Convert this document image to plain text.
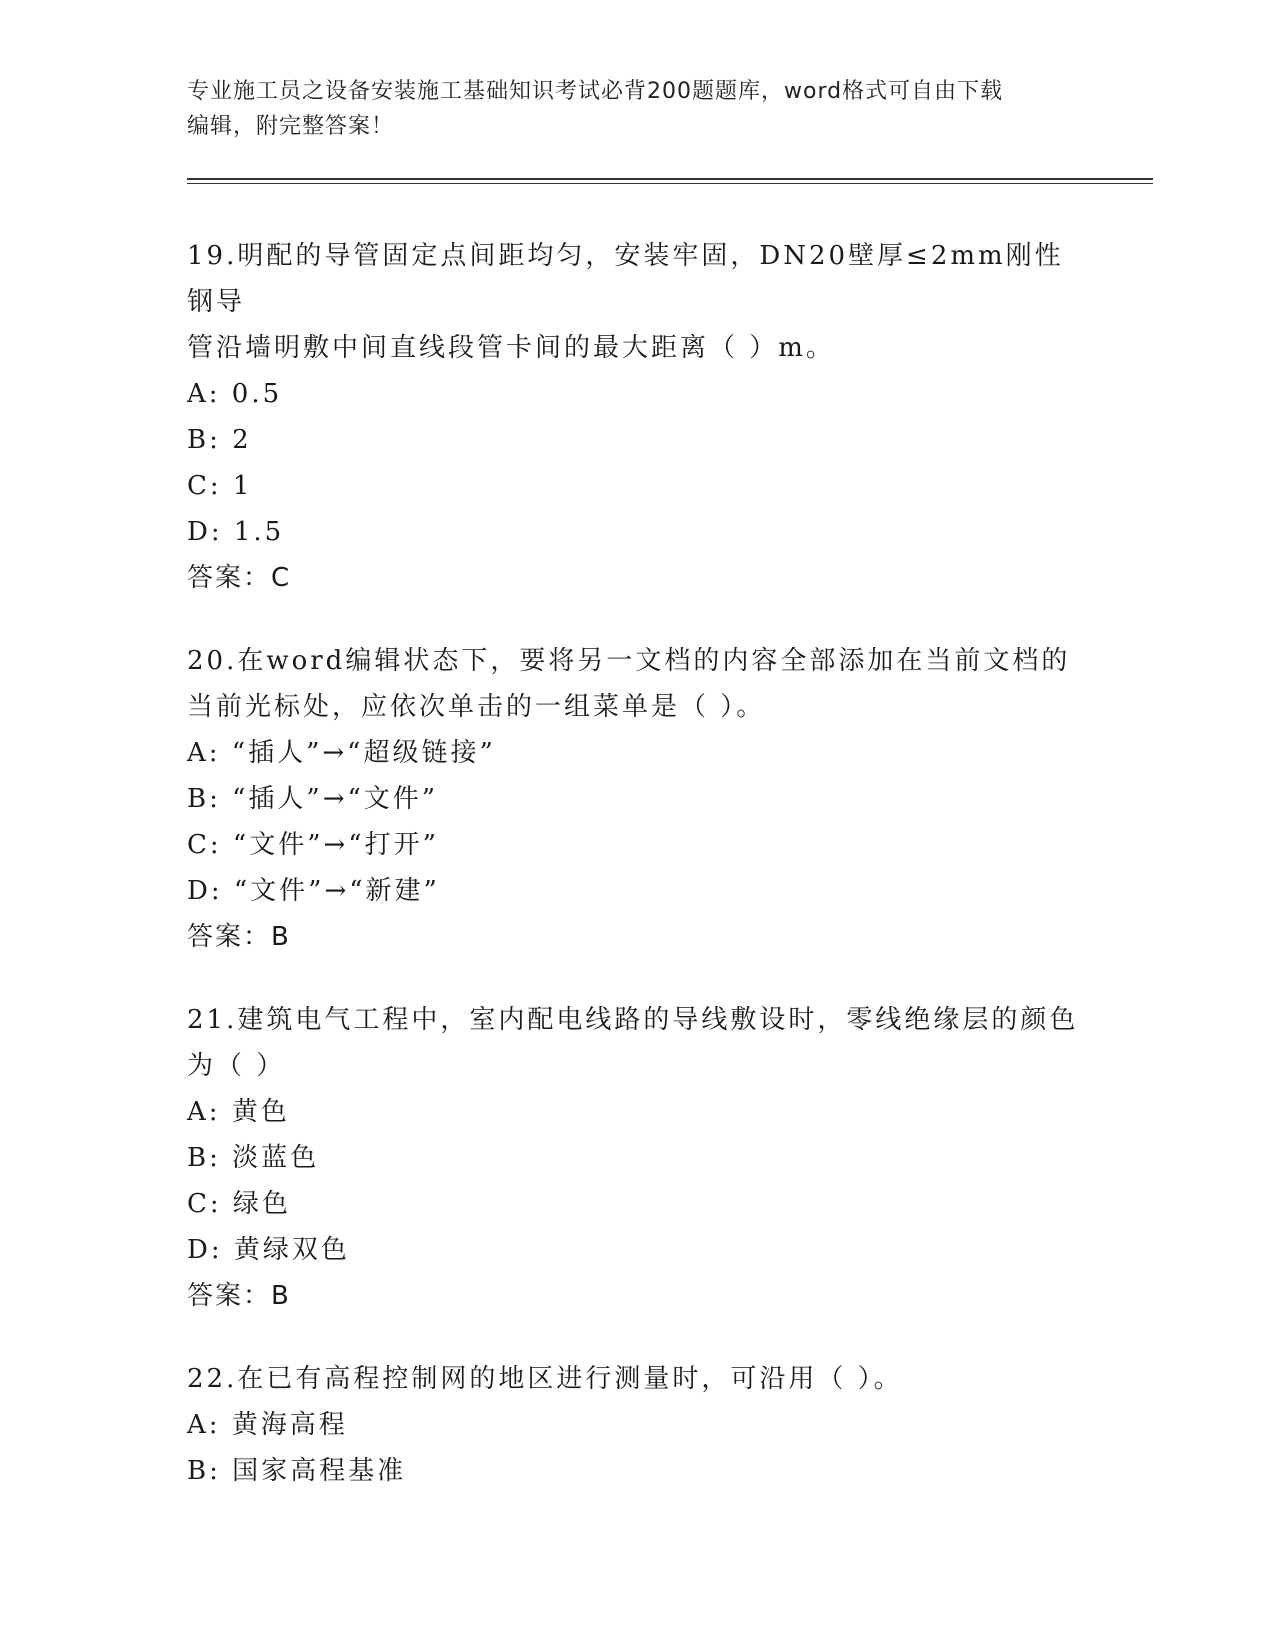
专业施工员之设备安装施工基础知识考试必背200题题库，word格式可自由下载
编辑，附完整答案！

19.明配的导管固定点间距均匀，安装牢固，DN20壁厚≤2mm刚性钢导

管沿墙明敷中间直线段管卡间的最大距离（ ）m。

A: 0.5

B: 2

C: 1

D: 1.5

答案：C

20.在word编辑状态下，要将另一文档的内容全部添加在当前文档的

当前光标处，应依次单击的一组菜单是（ ）。

A: “插人”→“超级链接”

B: “插人”→“文件”

C: “文件”→“打开”

D: “文件”→“新建”

答案：B

21.建筑电气工程中，室内配电线路的导线敷设时，零线绝缘层的颜色

为（ ）

A: 黄色

B: 淡蓝色

C: 绿色

D: 黄绿双色

答案：B

22.在已有高程控制网的地区进行测量时，可沿用（ ）。

A: 黄海高程

B: 国家高程基准
